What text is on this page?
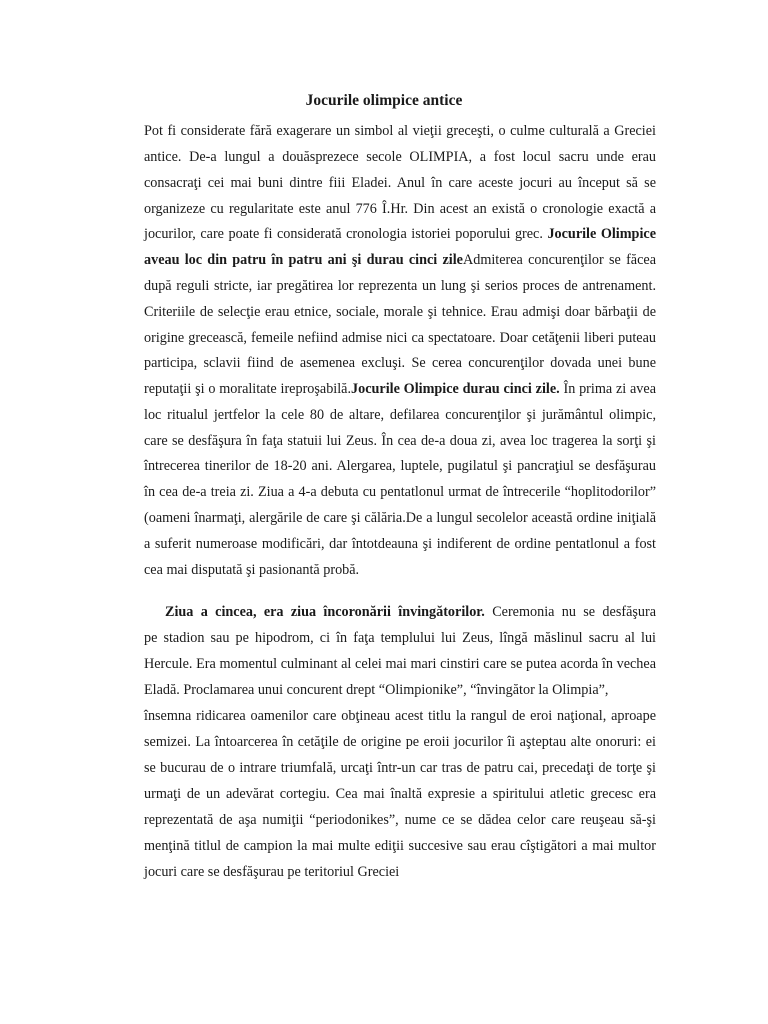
Jocurile olimpice antice
Pot fi considerate fără exagerare un simbol al vieţii greceşti, o culme culturală a Greciei
antice. De-a lungul a douăsprezece secole OLIMPIA, a fost locul sacru unde erau
consacraţi cei mai buni dintre fiii Eladei. Anul în care aceste jocuri au început să se
organizeze cu regularitate este anul 776 Î.Hr. Din acest an există o cronologie exactă a
jocurilor, care poate fi considerată cronologia istoriei poporului grec. Jocurile Olimpice
aveau loc din patru în patru ani şi durau cinci zileAdmiterea concurenţilor se făcea
după reguli stricte, iar pregătirea lor reprezenta un lung şi serios proces de antrenament.
Criteriile de selecţie erau etnice, sociale, morale şi tehnice. Erau admişi doar bărbaţii de
origine grecească, femeile nefiind admise nici ca spectatoare. Doar cetăţenii liberi puteau
participa, sclavii fiind de asemenea excluşi. Se cerea concurenţilor dovada unei bune
reputaţii şi o moralitate ireproşabilă.Jocurile Olimpice durau cinci zile. În prima zi avea
loc ritualul jertfelor la cele 80 de altare, defilarea concurenţilor şi jurământul olimpic,
care se desfăşura în faţa statuii lui Zeus. În cea de-a doua zi, avea loc tragerea la sorţi şi
întrecerea tinerilor de 18-20 ani. Alergarea, luptele, pugilatul şi pancraţiul se desfăşurau
în cea de-a treia zi. Ziua a 4-a debuta cu pentatlonul urmat de întrecerile “hoplitodorilor”
(oameni înarmaţi, alergările de care şi călăria.De a lungul secolelor această ordine iniţială
a suferit numeroase modificări, dar întotdeauna şi indiferent de ordine pentatlonul a fost
cea mai disputată şi pasionantă probă.
Ziua a cincea, era ziua încoronării învingătorilor. Ceremonia nu se desfăşura
pe stadion sau pe hipodrom, ci în faţa templului lui Zeus, lîngă măslinul sacru al lui
Hercule. Era momentul culminant al celei mai mari cinstiri care se putea acorda în vechea
Eladă. Proclamarea unui concurent drept “Olimpionike”, “învingător la Olimpia”,
însemna ridicarea oamenilor care obţineau acest titlu la rangul de eroi naţional, aproape
semizei. La întoarcerea în cetăţile de origine pe eroii jocurilor îi aşteptau alte onoruri: ei
se bucurau de o intrare triumfală, urcaţi într-un car tras de patru cai, precedaţi de torţe şi
urmaţi de un adevărat cortegiu. Cea mai înaltă expresie a spiritului atletic grecesc era
reprezentată de aşa numiţii “periodonikes”, nume ce se dădea celor care reuşeau să-şi
menţină titlul de campion la mai multe ediţii succesive sau erau cîştigători a mai multor
jocuri care se desfăşurau pe teritoriul Greciei
